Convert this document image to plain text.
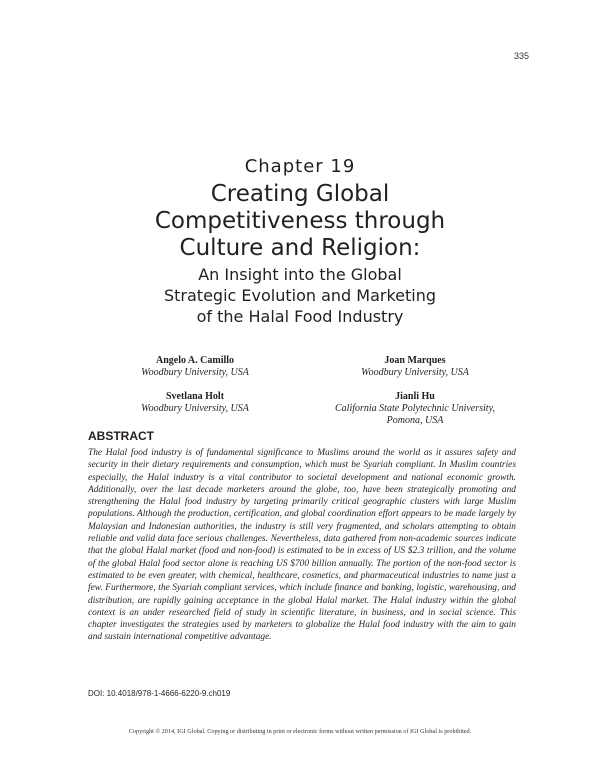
335
Chapter 19
Creating Global
Competitiveness through
Culture and Religion:
An Insight into the Global
Strategic Evolution and Marketing
of the Halal Food Industry
Angelo A. Camillo
Woodbury University, USA
Joan Marques
Woodbury University, USA
Svetlana Holt
Woodbury University, USA
Jianli Hu
California State Polytechnic University,
Pomona, USA
ABSTRACT
The Halal food industry is of fundamental significance to Muslims around the world as it assures safety and security in their dietary requirements and consumption, which must be Syariah compliant. In Muslim countries especially, the Halal industry is a vital contributor to societal development and national economic growth. Additionally, over the last decade marketers around the globe, too, have been strategically promoting and strengthening the Halal food industry by targeting primarily critical geographic clusters with large Muslim populations. Although the production, certification, and global coordination effort appears to be made largely by Malaysian and Indonesian authorities, the industry is still very fragmented, and scholars attempting to obtain reliable and valid data face serious challenges. Nevertheless, data gathered from non-academic sources indicate that the global Halal market (food and non-food) is estimated to be in excess of US $2.3 trillion, and the volume of the global Halal food sector alone is reaching US $700 billion annually. The portion of the non-food sector is estimated to be even greater, with chemical, healthcare, cosmetics, and pharmaceutical industries to name just a few. Furthermore, the Syariah compliant services, which include finance and banking, logistic, warehousing, and distribution, are rapidly gaining acceptance in the global Halal market. The Halal industry within the global context is an under researched field of study in scientific literature, in business, and in social science. This chapter investigates the strategies used by marketers to globalize the Halal food industry with the aim to gain and sustain international competitive advantage.
DOI: 10.4018/978-1-4666-6220-9.ch019
Copyright © 2014, IGI Global. Copying or distributing in print or electronic forms without written permission of IGI Global is prohibited.
